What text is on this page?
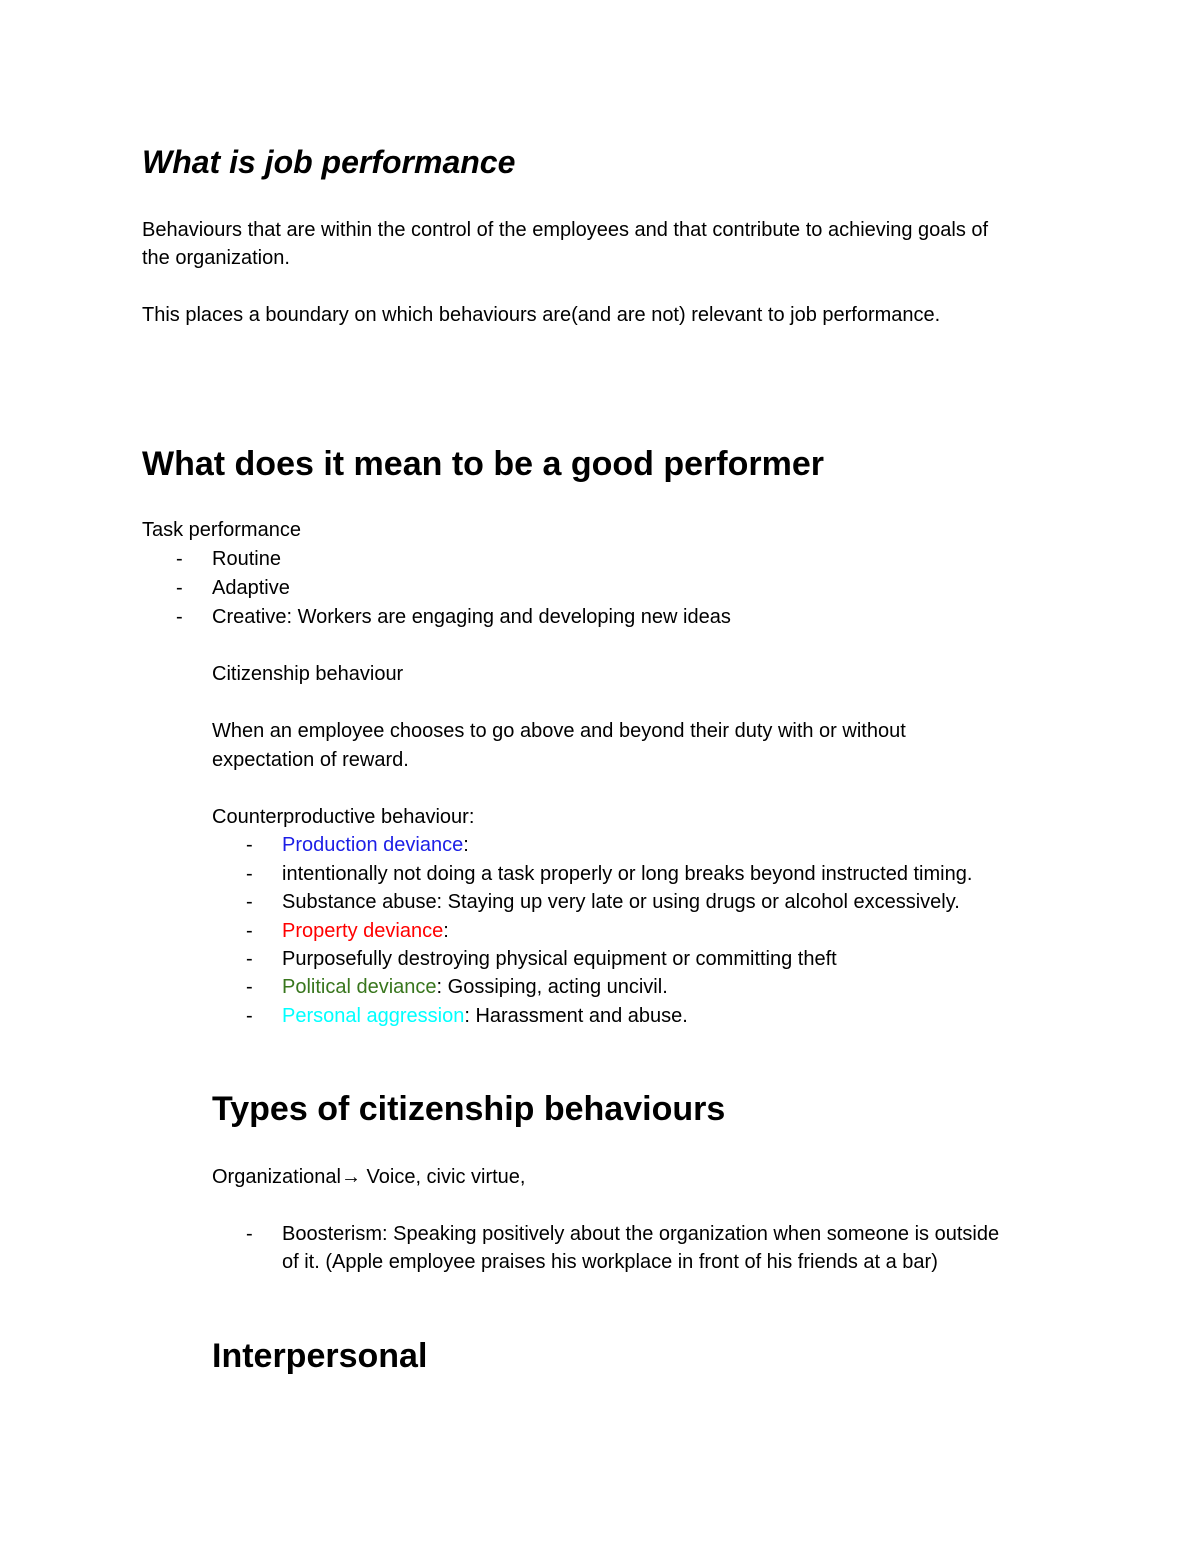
What is job performance
Behaviours that are within the control of the employees and that contribute to achieving goals of
the organization.
This places a boundary on which behaviours are(and are not) relevant to job performance.
What does it mean to be a good performer
Task performance
- Routine
- Adaptive
- Creative: Workers are engaging and developing new ideas
Citizenship behaviour
When an employee chooses to go above and beyond their duty with or without
expectation of reward.
Counterproductive behaviour:
- Production deviance:
- intentionally not doing a task properly or long breaks beyond instructed timing.
- Substance abuse: Staying up very late or using drugs or alcohol excessively.
- Property deviance:
- Purposefully destroying physical equipment or committing theft
- Political deviance: Gossiping, acting uncivil.
- Personal aggression: Harassment and abuse.
Types of citizenship behaviours
Organizational→ Voice, civic virtue,
- Boosterism: Speaking positively about the organization when someone is outside
of it. (Apple employee praises his workplace in front of his friends at a bar)
Interpersonal
